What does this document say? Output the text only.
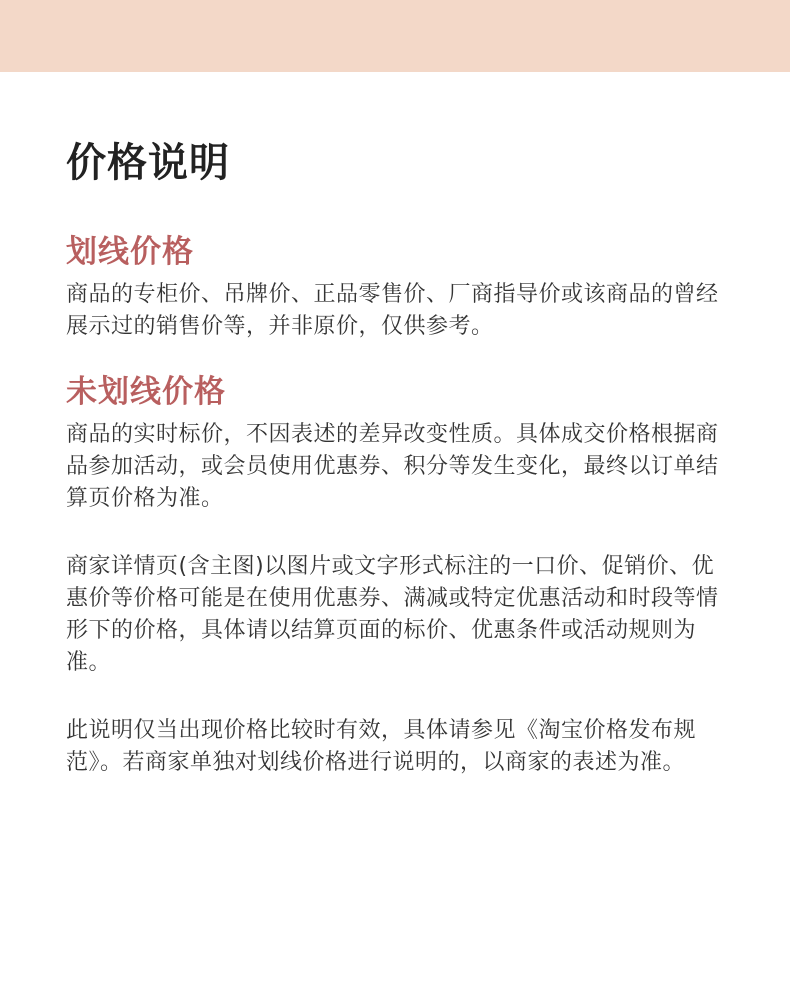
价格说明
划线价格

商品的专柜价、吊牌价、正品零售价、厂商指导价或该商品的曾经展示过的销售价等，并非原价，仅供参考。

未划线价格

商品的实时标价，不因表述的差异改变性质。具体成交价格根据商品参加活动，或会员使用优惠券、积分等发生变化，最终以订单结算页价格为准。

商家详情页(含主图)以图片或文字形式标注的一口价、促销价、优惠价等价格可能是在使用优惠券、满减或特定优惠活动和时段等情形下的价格，具体请以结算页面的标价、优惠条件或活动规则为准。

此说明仅当出现价格比较时有效，具体请参见《淘宝价格发布规范》。若商家单独对划线价格进行说明的，以商家的表述为准。
